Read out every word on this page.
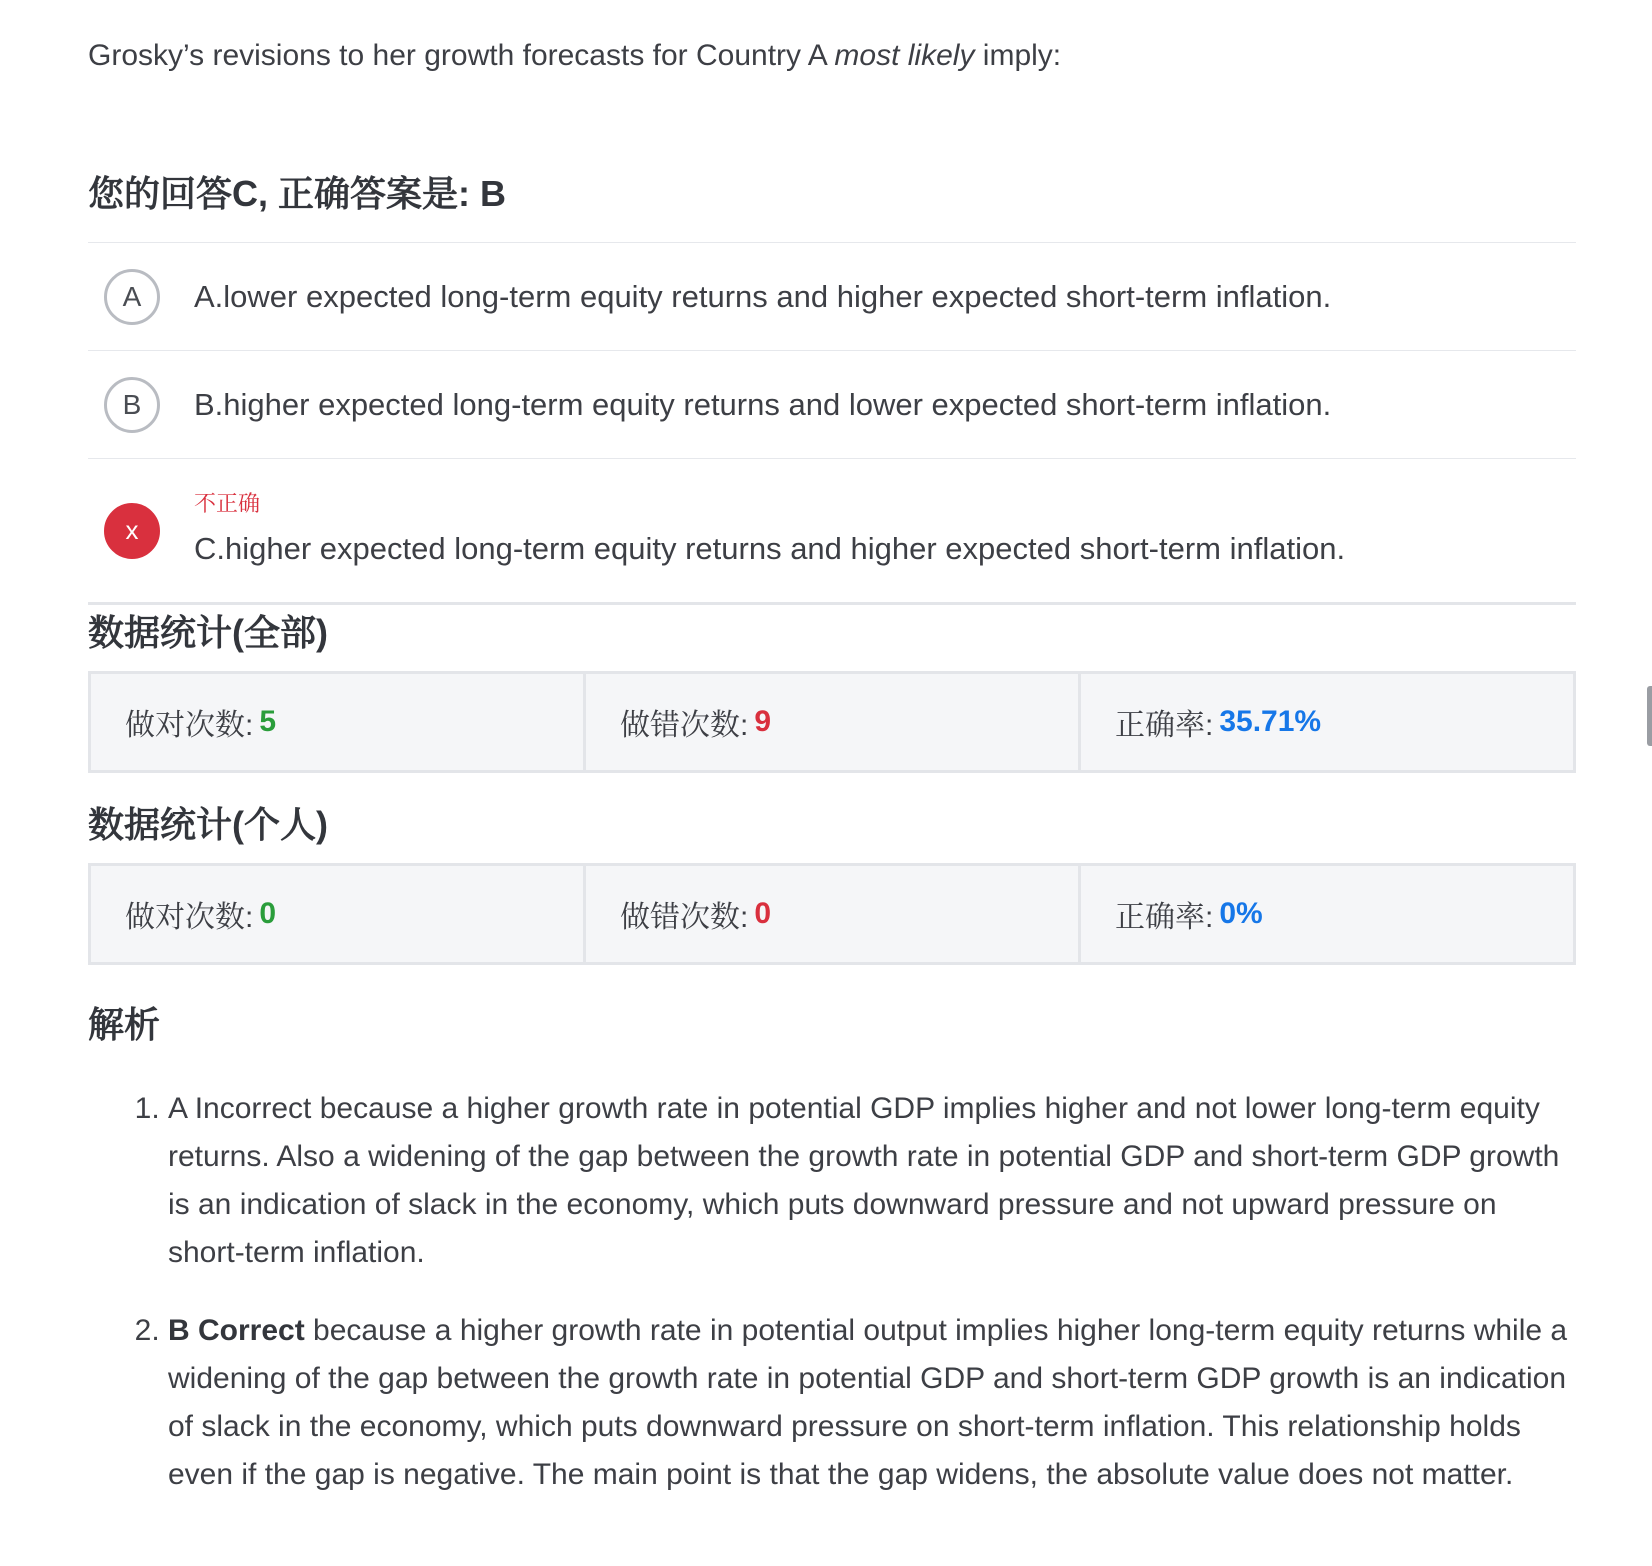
Grosky’s revisions to her growth forecasts for Country A most likely imply:
您的回答C, 正确答案是: B
A	A.lower expected long-term equity returns and higher expected short-term inflation.
B	B.higher expected long-term equity returns and lower expected short-term inflation.
x
不正确
C.higher expected long-term equity returns and higher expected short-term inflation.
数据统计(全部)
做对次数: 5	做错次数: 9	正确率: 35.71%
数据统计(个人)
做对次数: 0	做错次数: 0	正确率: 0%
解析
1. A Incorrect because a higher growth rate in potential GDP implies higher and not lower long-term equity returns. Also a widening of the gap between the growth rate in potential GDP and short-term GDP growth is an indication of slack in the economy, which puts downward pressure and not upward pressure on short-term inflation.
2. B Correct because a higher growth rate in potential output implies higher long-term equity returns while a widening of the gap between the growth rate in potential GDP and short-term GDP growth is an indication of slack in the economy, which puts downward pressure on short-term inflation. This relationship holds even if the gap is negative. The main point is that the gap widens, the absolute value does not matter.
